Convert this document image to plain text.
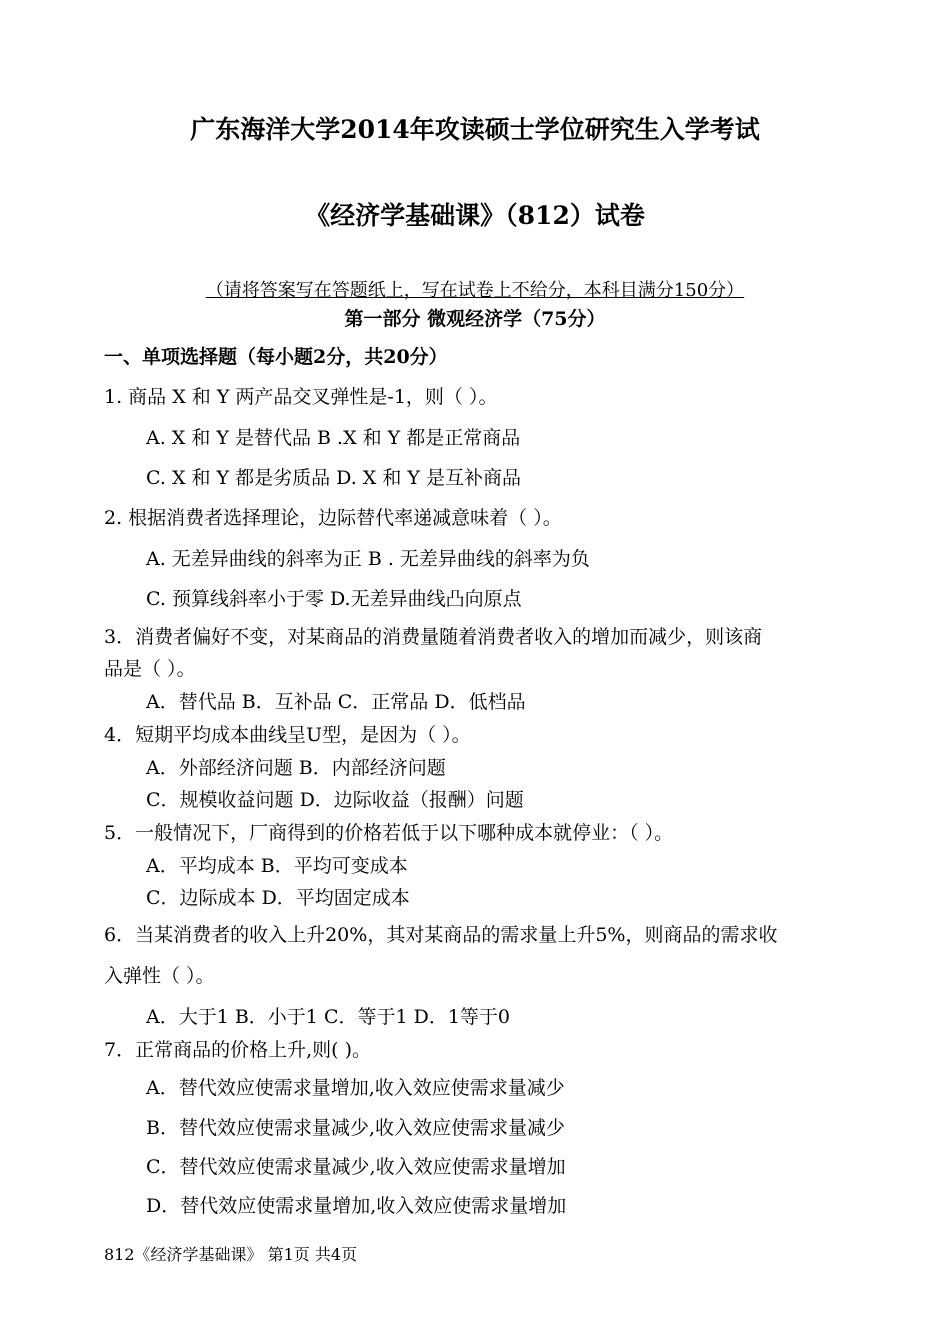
广东海洋大学2014年攻读硕士学位研究生入学考试
《经济学基础课》（812）试卷
（请将答案写在答题纸上，写在试卷上不给分，本科目满分150分）
第一部分 微观经济学（75分）
一、单项选择题（每小题2分，共20分）
1. 商品 X 和 Y 两产品交叉弹性是-1，则（ ）。
A. X 和 Y 是替代品 B .X 和 Y 都是正常商品
C. X 和 Y 都是劣质品 D. X 和 Y 是互补商品
2. 根据消费者选择理论，边际替代率递减意味着（ ）。
A. 无差异曲线的斜率为正 B . 无差异曲线的斜率为负
C. 预算线斜率小于零 D.无差异曲线凸向原点
3．消费者偏好不变，对某商品的消费量随着消费者收入的增加而减少，则该商
品是（ ）。
A．替代品 B．互补品 C．正常品 D．低档品
4．短期平均成本曲线呈U型，是因为（ ）。
A．外部经济问题 B．内部经济问题
C．规模收益问题 D．边际收益（报酬）问题
5．一般情况下，厂商得到的价格若低于以下哪种成本就停业：（ ）。
A．平均成本 B．平均可变成本
C．边际成本 D．平均固定成本
6．当某消费者的收入上升20%，其对某商品的需求量上升5%，则商品的需求收
入弹性（ ）。
A．大于1 B．小于1 C．等于1 D．1等于0
7．正常商品的价格上升,则( )。
A．替代效应使需求量增加,收入效应使需求量减少
B．替代效应使需求量减少,收入效应使需求量减少
C．替代效应使需求量减少,收入效应使需求量增加
D．替代效应使需求量增加,收入效应使需求量增加
812《经济学基础课》 第1页 共4页
